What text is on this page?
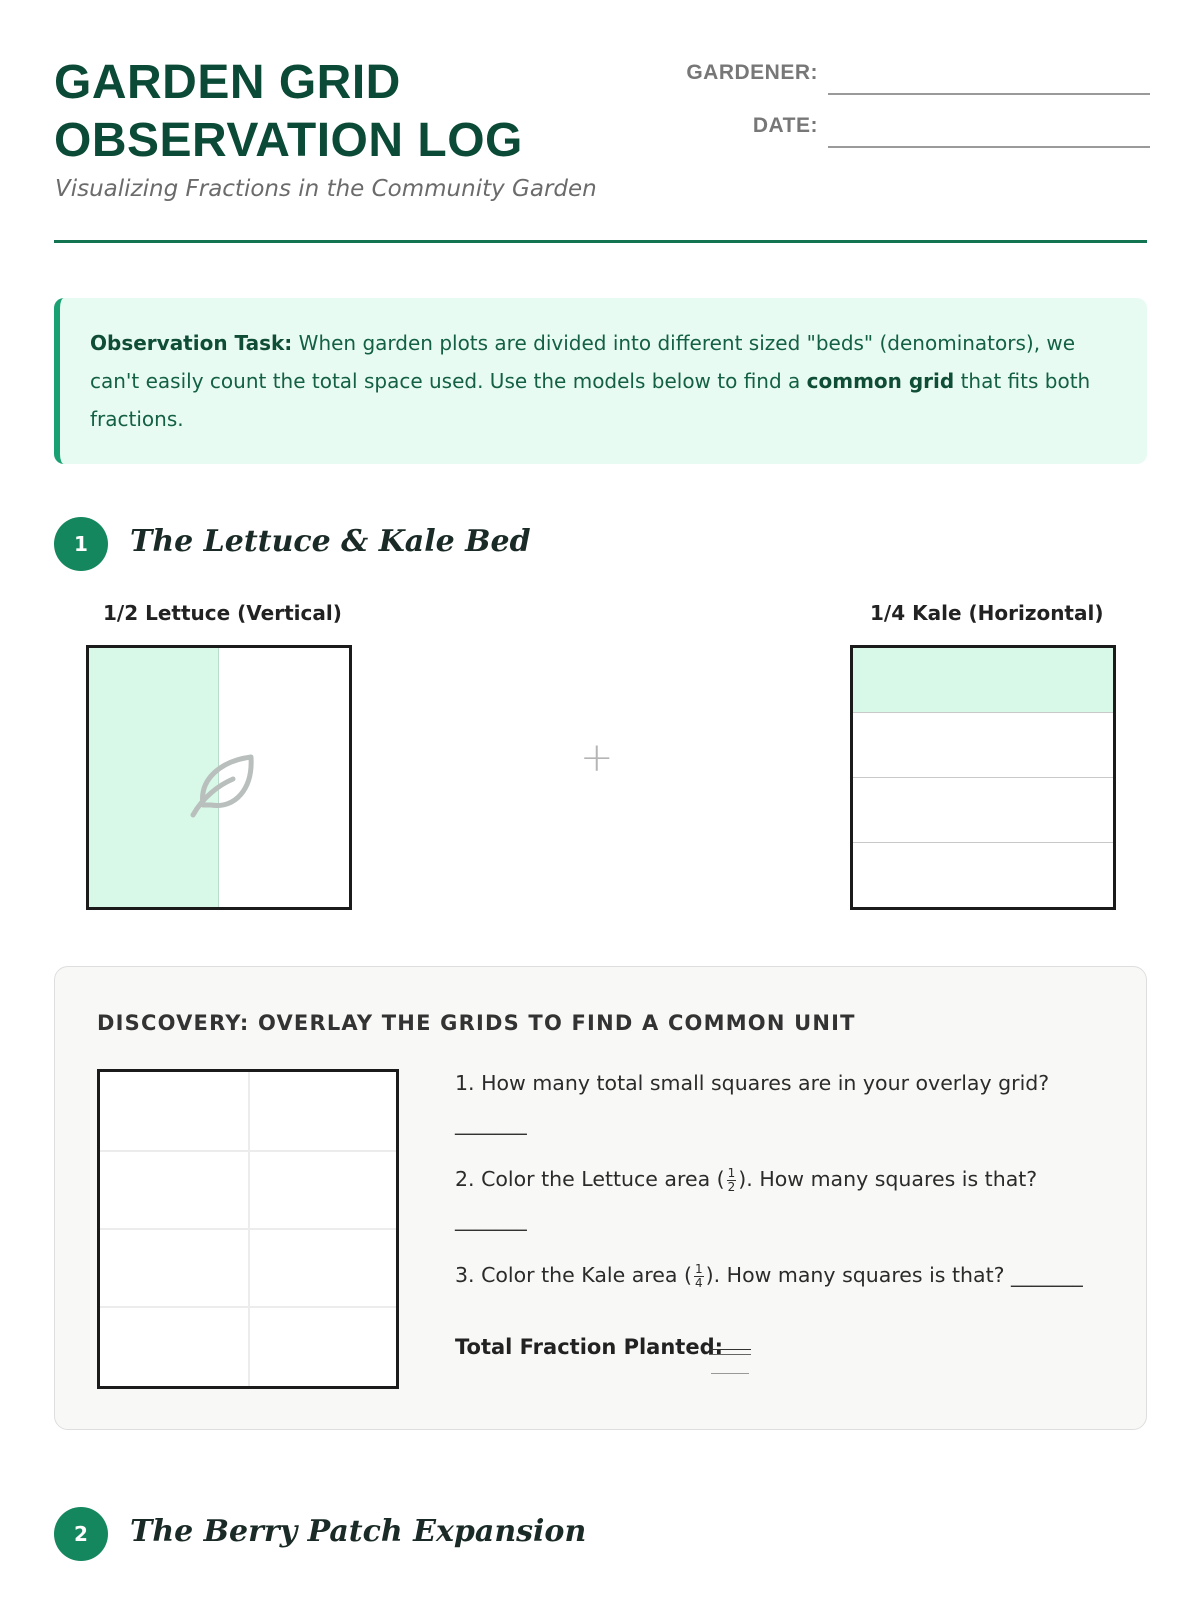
GARDEN GRID
OBSERVATION LOG
Visualizing Fractions in the Community Garden
GARDENER:
DATE:
Observation Task: When garden plots are divided into different sized "beds" (denominators), we can't easily count the total space used. Use the models below to find a common grid that fits both fractions.
1	The Lettuce & Kale Bed
1/2 Lettuce (Vertical)	1/4 Kale (Horizontal)
+
DISCOVERY: OVERLAY THE GRIDS TO FIND A COMMON UNIT
1. How many total small squares are in your overlay grid?
_______
2. Color the Lettuce area ( $\frac{1}{2}$ ). How many squares is that?
_______
3. Color the Kale area ( $\frac{1}{4}$ ). How many squares is that? _______
Total Fraction Planted:
2	The Berry Patch Expansion
